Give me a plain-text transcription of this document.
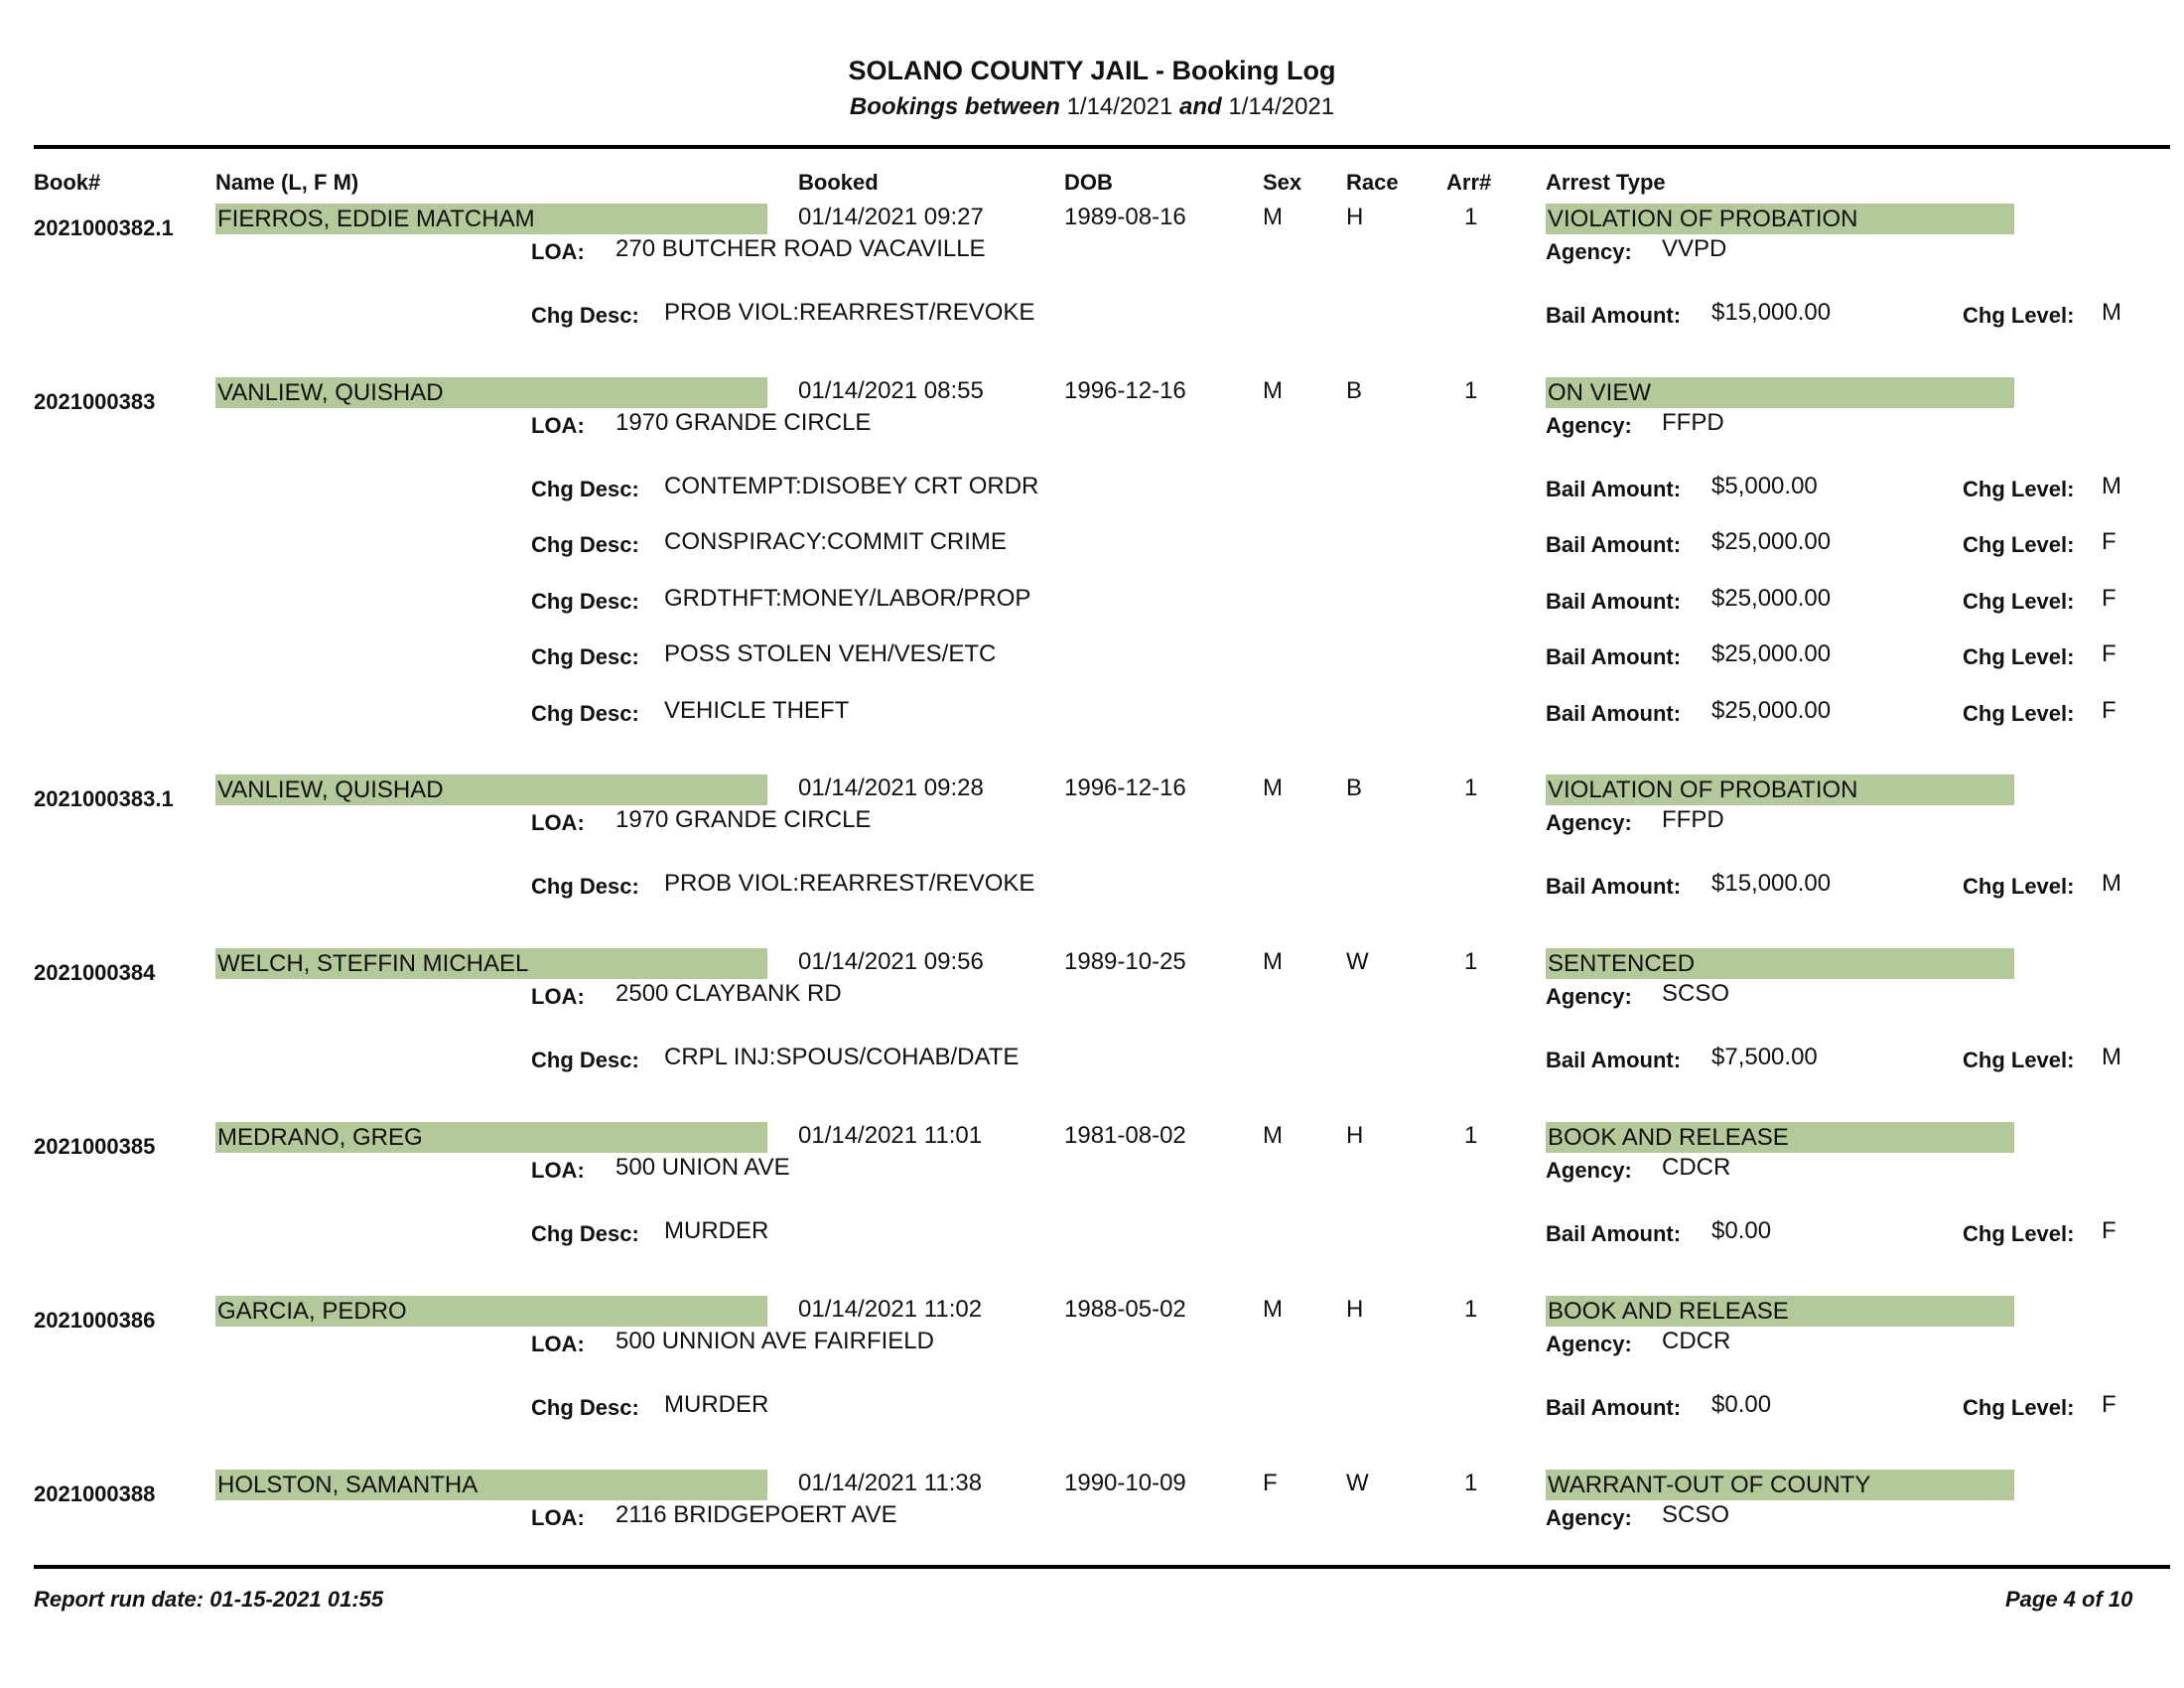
SOLANO COUNTY JAIL - Booking Log
Bookings between 1/14/2021 and 1/14/2021
Book#	Name (L, F M)	Booked	DOB	Sex Race Arr# Arrest Type
2021000382.1 FIERROS, EDDIE MATCHAM	01/14/2021 09:27	1989-08-16	M	H	1	VIOLATION OF PROBATION
LOA: 270 BUTCHER ROAD VACAVILLE	Agency: VVPD
Chg Desc: PROB VIOL:REARREST/REVOKE	Bail Amount: $15,000.00	Chg Level: M
2021000383	VANLIEW, QUISHAD	01/14/2021 08:55	1996-12-16	M	B	1	ON VIEW
LOA: 1970 GRANDE CIRCLE	Agency: FFPD
Chg Desc: CONTEMPT:DISOBEY CRT ORDR	Bail Amount: $5,000.00	Chg Level: M
Chg Desc: CONSPIRACY:COMMIT CRIME	Bail Amount: $25,000.00	Chg Level: F
Chg Desc: GRDTHFT:MONEY/LABOR/PROP	Bail Amount: $25,000.00	Chg Level: F
Chg Desc: POSS STOLEN VEH/VES/ETC	Bail Amount: $25,000.00	Chg Level: F
Chg Desc: VEHICLE THEFT	Bail Amount: $25,000.00	Chg Level: F
2021000383.1 VANLIEW, QUISHAD	01/14/2021 09:28	1996-12-16	M	B	1	VIOLATION OF PROBATION
LOA: 1970 GRANDE CIRCLE	Agency: FFPD
Chg Desc: PROB VIOL:REARREST/REVOKE	Bail Amount: $15,000.00	Chg Level: M
2021000384	WELCH, STEFFIN MICHAEL	01/14/2021 09:56	1989-10-25	M	W	1	SENTENCED
LOA: 2500 CLAYBANK RD	Agency: SCSO
Chg Desc: CRPL INJ:SPOUS/COHAB/DATE	Bail Amount: $7,500.00	Chg Level: M
2021000385	MEDRANO, GREG	01/14/2021 11:01	1981-08-02	M	H	1	BOOK AND RELEASE
LOA: 500 UNION AVE	Agency: CDCR
Chg Desc: MURDER	Bail Amount: $0.00	Chg Level: F
2021000386	GARCIA, PEDRO	01/14/2021 11:02	1988-05-02	M	H	1	BOOK AND RELEASE
LOA: 500 UNNION AVE FAIRFIELD	Agency: CDCR
Chg Desc: MURDER	Bail Amount: $0.00	Chg Level: F
2021000388	HOLSTON, SAMANTHA	01/14/2021 11:38	1990-10-09	F	W	1	WARRANT-OUT OF COUNTY
LOA: 2116 BRIDGEPOERT AVE	Agency: SCSO
Report run date: 01-15-2021 01:55	Page 4 of 10
